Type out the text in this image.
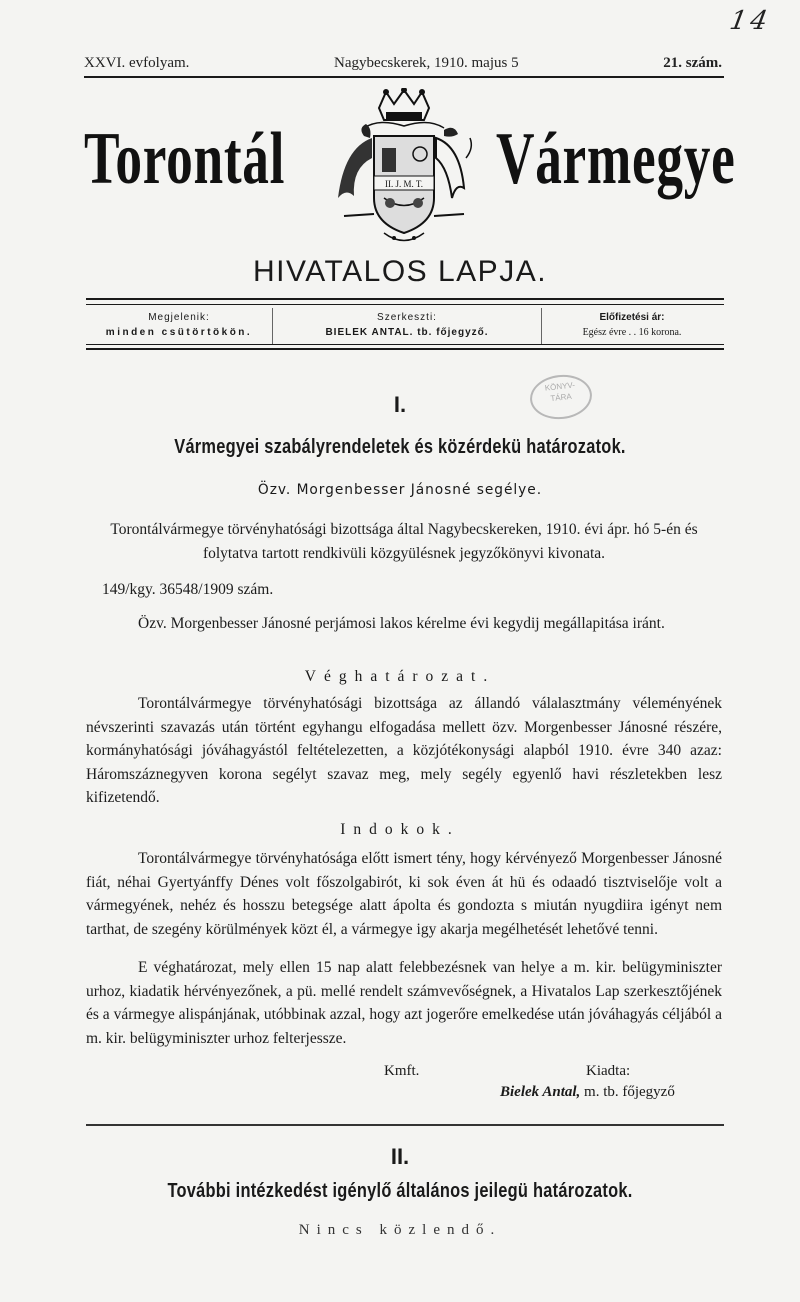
14
XXVI. evfolyam.	Nagybecskerek, 1910. majus 5	21. szám.
Torontál	II. J. M. T. Vármegye
HIVATALOS LAPJA.
Megjelenik:
minden csütörtökön.
Szerkeszti:
BIELEK ANTAL. tb. főjegyző.
Előfizetési ár:
Egész évre . . 16 korona.
KÖNYV-
TÁRA
I.
Vármegyei szabályrendeletek és közérdekü határozatok.
Özv. Morgenbesser Jánosné segélye.
Torontálvármegye törvényhatósági bizottsága által Nagybecskereken, 1910. évi ápr. hó 5-én és folytatva tartott rendkivüli közgyülésnek jegyzőkönyvi kivonata.
149/kgy. 36548/1909 szám.
Özv. Morgenbesser Jánosné perjámosi lakos kérelme évi kegydij megállapitása iránt.
Véghatározat.
Torontálvármegye törvényhatósági bizottsága az állandó válalasztmány véleményének névszerinti szavazás után történt egyhangu elfogadása mellett özv. Morgenbesser Jánosné részére, kormányhatósági jóváhagyástól feltételezetten, a közjótékonysági alapból 1910. évre 340 azaz: Háromszáznegyven korona segélyt szavaz meg, mely segély egyenlő havi részletekben lesz kifizetendő.
Indokok.
Torontálvármegye törvényhatósága előtt ismert tény, hogy kérvényező Morgenbesser Jánosné fiát, néhai Gyertyánffy Dénes volt főszolgabirót, ki sok éven át hü és odaadó tisztviselője volt a vármegyének, nehéz és hosszu betegsége alatt ápolta és gondozta s miután nyugdiira igényt nem tarthat, de szegény körülmények közt él, a vármegye igy akarja megélhetését lehetővé tenni.
E véghatározat, mely ellen 15 nap alatt felebbezésnek van helye a m. kir. belügyminiszter urhoz, kiadatik hérvényezőnek, a pü. mellé rendelt számvevőségnek, a Hivatalos Lap szerkesztőjének és a vármegye alispánjának, utóbbinak azzal, hogy azt jogerőre emelkedése után jóváhagyás céljából a m. kir. belügyminiszter urhoz felterjessze.
Kmft.	Kiadta:
Bielek Antal, m. tb. főjegyző
II.
További intézkedést igénylő általános jeilegü határozatok.
Nincs közlendő.
